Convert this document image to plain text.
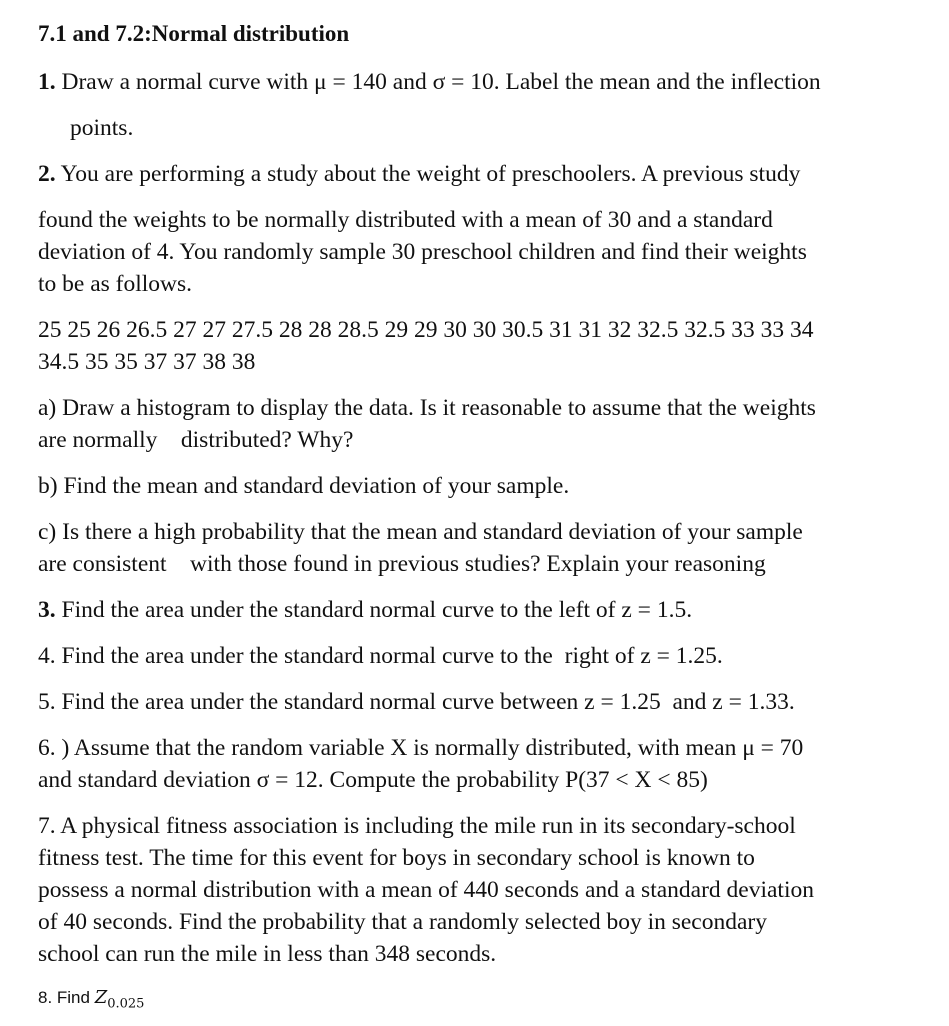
7.1 and 7.2:Normal distribution
1. Draw a normal curve with μ = 140 and σ = 10. Label the mean and the inflection
points.
2. You are performing a study about the weight of preschoolers. A previous study
found the weights to be normally distributed with a mean of 30 and a standard
deviation of 4. You randomly sample 30 preschool children and find their weights
to be as follows.
25 25 26 26.5 27 27 27.5 28 28 28.5 29 29 30 30 30.5 31 31 32 32.5 32.5 33 33 34
34.5 35 35 37 37 38 38
a) Draw a histogram to display the data. Is it reasonable to assume that the weights
are normally    distributed? Why?
b) Find the mean and standard deviation of your sample.
c) Is there a high probability that the mean and standard deviation of your sample
are consistent    with those found in previous studies? Explain your reasoning
3. Find the area under the standard normal curve to the left of z = 1.5.
4. Find the area under the standard normal curve to the  right of z = 1.25.
5. Find the area under the standard normal curve between z = 1.25  and z = 1.33.
6. ) Assume that the random variable X is normally distributed, with mean μ = 70
and standard deviation σ = 12. Compute the probability P(37 < X < 85)
7. A physical fitness association is including the mile run in its secondary-school
fitness test. The time for this event for boys in secondary school is known to
possess a normal distribution with a mean of 440 seconds and a standard deviation
of 40 seconds. Find the probability that a randomly selected boy in secondary
school can run the mile in less than 348 seconds.
8. Find $Z_{0.025}$
